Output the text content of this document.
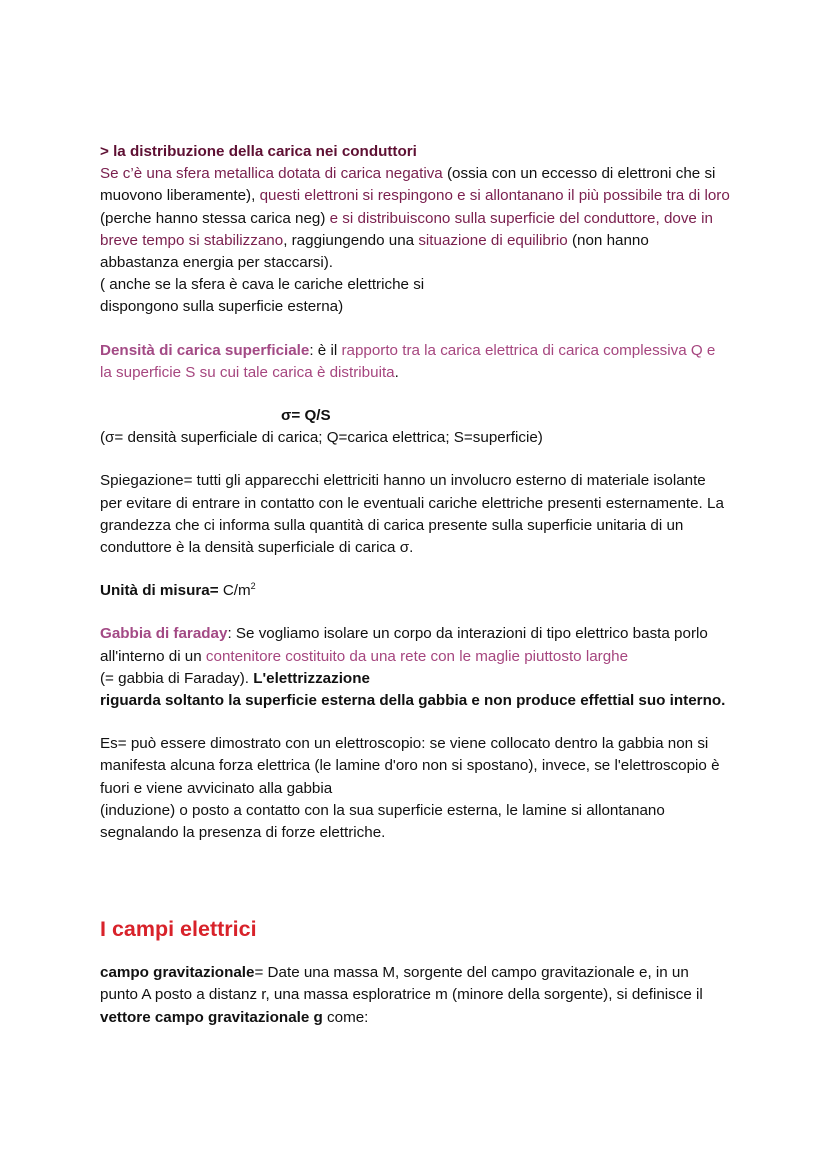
> la distribuzione della carica nei conduttori
Se c’è una sfera metallica dotata di carica negativa (ossia con un eccesso di elettroni che si muovono liberamente), questi elettroni si respingono e si allontanano il più possibile tra di loro (perche hanno stessa carica neg) e si distribuiscono sulla superficie del conduttore, dove in breve tempo si stabilizzano, raggiungendo una situazione di equilibrio (non hanno abbastanza energia per staccarsi).
( anche se la sfera è cava le cariche elettriche si
dispongono sulla superficie esterna)

Densità di carica superficiale: è il rapporto tra la carica elettrica di carica complessiva Q e la superficie S su cui tale carica è distribuita.

σ= Q/S

(σ= densità superficiale di carica; Q=carica elettrica; S=superficie)

Spiegazione= tutti gli apparecchi elettriciti hanno un involucro esterno di materiale isolante per evitare di entrare in contatto con le eventuali cariche elettriche presenti esternamente. La grandezza che ci informa sulla quantità di carica presente sulla superficie unitaria di un conduttore è la densità superficiale di carica σ.

Unità di misura= $C/m^2$

Gabbia di faraday: Se vogliamo isolare un corpo da interazioni di tipo elettrico basta porlo all'interno di un contenitore costituito da una rete con le maglie piuttosto larghe
(= gabbia di Faraday). L'elettrizzazione
riguarda soltanto la superficie esterna della gabbia e non produce effettial suo interno.

Es= può essere dimostrato con un elettroscopio: se viene collocato dentro la gabbia non si manifesta alcuna forza elettrica (le lamine d'oro non si spostano), invece, se l'elettroscopio è fuori e viene avvicinato alla gabbia
(induzione) o posto a contatto con la sua superficie esterna, le lamine si allontanano segnalando la presenza di forze elettriche.

I campi elettrici

campo gravitazionale= Date una massa M, sorgente del campo gravitazionale e, in un punto A posto a distanz r, una massa esploratrice m (minore della sorgente), si definisce il vettore campo gravitazionale g come:
